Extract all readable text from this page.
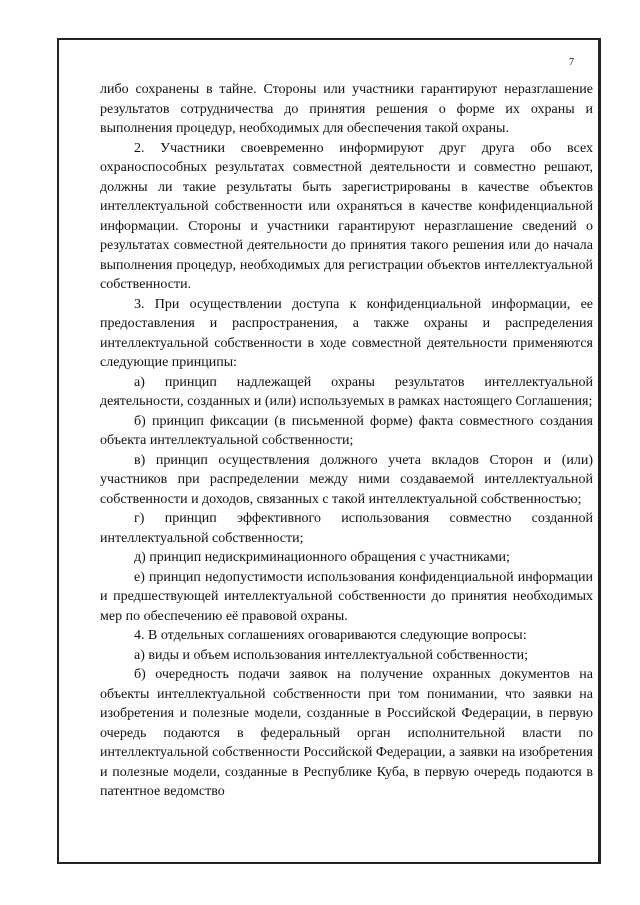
7

либо сохранены в тайне. Стороны или участники гарантируют неразглашение результатов сотрудничества до принятия решения о форме их охраны и выполнения процедур, необходимых для обеспечения такой охраны.

2. Участники своевременно информируют друг друга обо всех охраноспособных результатах совместной деятельности и совместно решают, должны ли такие результаты быть зарегистрированы в качестве объектов интеллектуальной собственности или охраняться в качестве конфиденциальной информации. Стороны и участники гарантируют неразглашение сведений о результатах совместной деятельности до принятия такого решения или до начала выполнения процедур, необходимых для регистрации объектов интеллектуальной собственности.

3. При осуществлении доступа к конфиденциальной информации, ее предоставления и распространения, а также охраны и распределения интеллектуальной собственности в ходе совместной деятельности применяются следующие принципы:

а) принцип надлежащей охраны результатов интеллектуальной деятельности, созданных и (или) используемых в рамках настоящего Соглашения;

б) принцип фиксации (в письменной форме) факта совместного создания объекта интеллектуальной собственности;

в) принцип осуществления должного учета вкладов Сторон и (или) участников при распределении между ними создаваемой интеллектуальной собственности и доходов, связанных с такой интеллектуальной собственностью;

г) принцип эффективного использования совместно созданной интеллектуальной собственности;

д) принцип недискриминационного обращения с участниками;

е) принцип недопустимости использования конфиденциальной информации и предшествующей интеллектуальной собственности до принятия необходимых мер по обеспечению её правовой охраны.

4. В отдельных соглашениях оговариваются следующие вопросы:

а) виды и объем использования интеллектуальной собственности;

б) очередность подачи заявок на получение охранных документов на объекты интеллектуальной собственности при том понимании, что заявки на изобретения и полезные модели, созданные в Российской Федерации, в первую очередь подаются в федеральный орган исполнительной власти по интеллектуальной собственности Российской Федерации, а заявки на изобретения и полезные модели, созданные в Республике Куба, в первую очередь подаются в патентное ведомство
